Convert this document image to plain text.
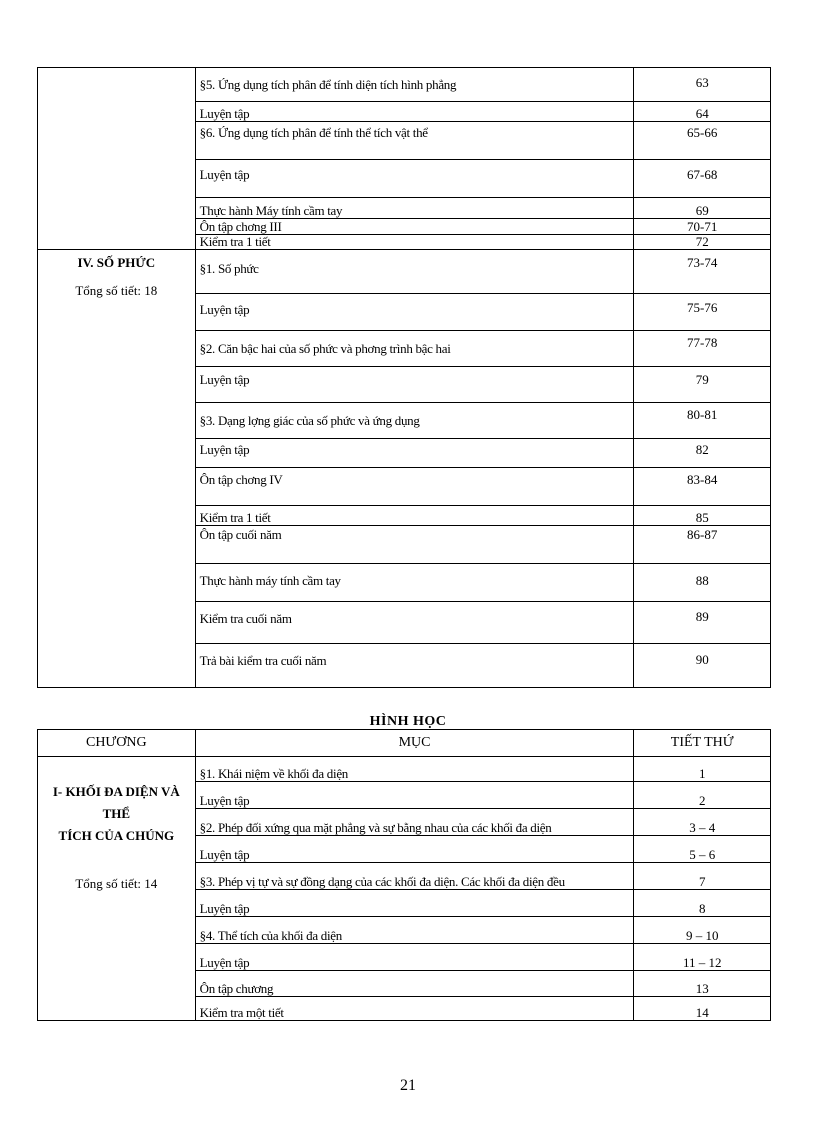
	§5. Ứng dụng tích phân để tính diện tích hình phẳng	63
	Luyện tập	64
	§6. Ứng dụng tích phân để tính thể tích vật thể	65-66
	Luyện tập	67-68
	Thực hành Máy tính cầm tay	69
	Ôn tập chơng III	70-71
	Kiểm tra 1 tiết	72

IV. SỐ PHỨC
Tổng số tiết: 18	§1. Số phức	73-74
	Luyện tập	75-76
	§2. Căn bậc hai của số phức và phơng trình bậc hai	77-78
	Luyện tập	79
	§3. Dạng lợng giác của số phức và ứng dụng	80-81
	Luyện tập	82
	Ôn tập chơng IV	83-84
	Kiểm tra 1 tiết	85
	Ôn tập cuối năm	86-87
	Thực hành máy tính cầm tay	88
	Kiểm tra cuối năm	89
	Trả bài kiểm tra cuối năm	90
HÌNH HỌC
CHƯƠNG	MỤC	TIẾT THỨ

I- KHỐI ĐA DIỆN VÀ THỂ
TÍCH CỦA CHÚNG
Tổng số tiết: 14	§1. Khái niệm về khối đa diện	1
	Luyện tập	2
	§2. Phép đối xứng qua mặt phẳng và sự bằng nhau của các khối đa diện	3 – 4
	Luyện tập	5 – 6
	§3. Phép vị tự và sự đồng dạng của các khối đa diện. Các khối đa diện đều	7
	Luyện tập	8
	§4. Thể tích của khối đa diện	9 – 10
	Luyện tập	11 – 12
	Ôn tập chương	13
	Kiểm tra một tiết	14
21
